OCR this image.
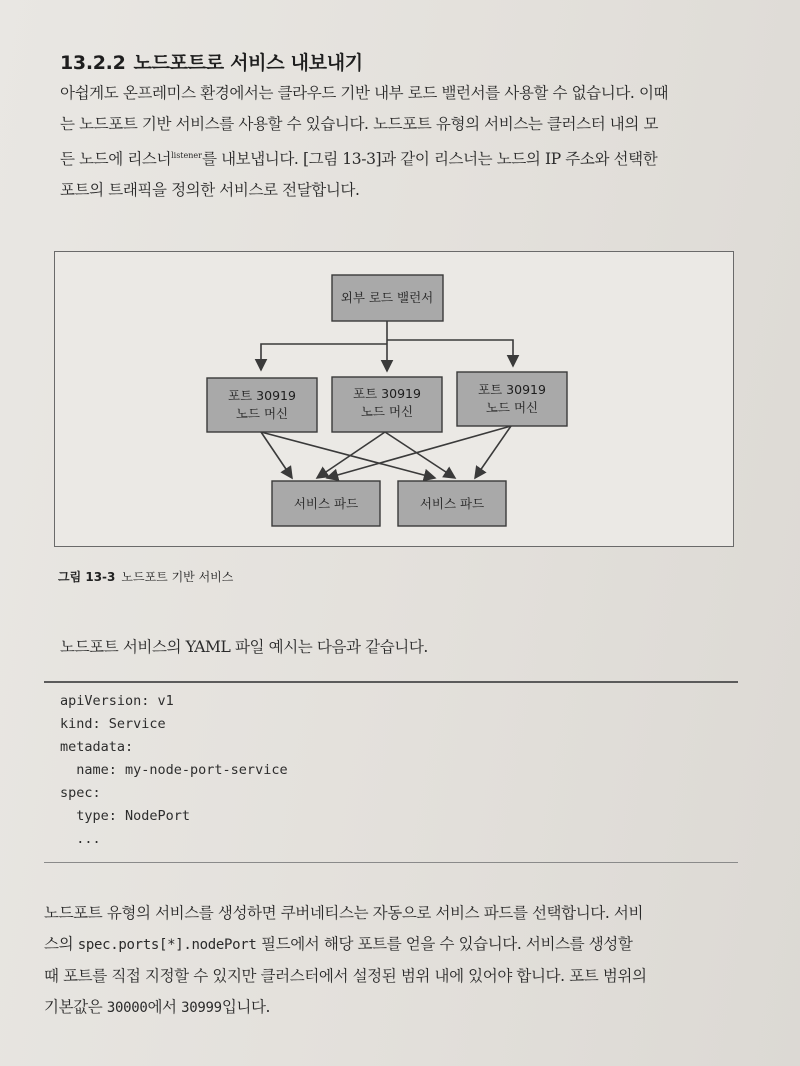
13.2.2 노드포트로 서비스 내보내기
아쉽게도 온프레미스 환경에서는 클라우드 기반 내부 로드 밸런서를 사용할 수 없습니다. 이때
는 노드포트 기반 서비스를 사용할 수 있습니다. 노드포트 유형의 서비스는 클러스터 내의 모
든 노드에 리스너$^{listener}$를 내보냅니다. [그림 13-3]과 같이 리스너는 노드의 IP 주소와 선택한
포트의 트래픽을 정의한 서비스로 전달합니다.
외부 로드 밸런서
포트 30919
노드 머신
포트 30919
노드 머신
포트 30919
노드 머신
서비스 파드	서비스 파드
그림 13-3 노드포트 기반 서비스
노드포트 서비스의 YAML 파일 예시는 다음과 같습니다.
apiVersion: v1
kind: Service
metadata:
name: my-node-port-service
spec:
type: NodePort
...
노드포트 유형의 서비스를 생성하면 쿠버네티스는 자동으로 서비스 파드를 선택합니다. 서비
스의 spec.ports[*].nodePort 필드에서 해당 포트를 얻을 수 있습니다. 서비스를 생성할
때 포트를 직접 지정할 수 있지만 클러스터에서 설정된 범위 내에 있어야 합니다. 포트 범위의
기본값은 30000에서 30999입니다.
